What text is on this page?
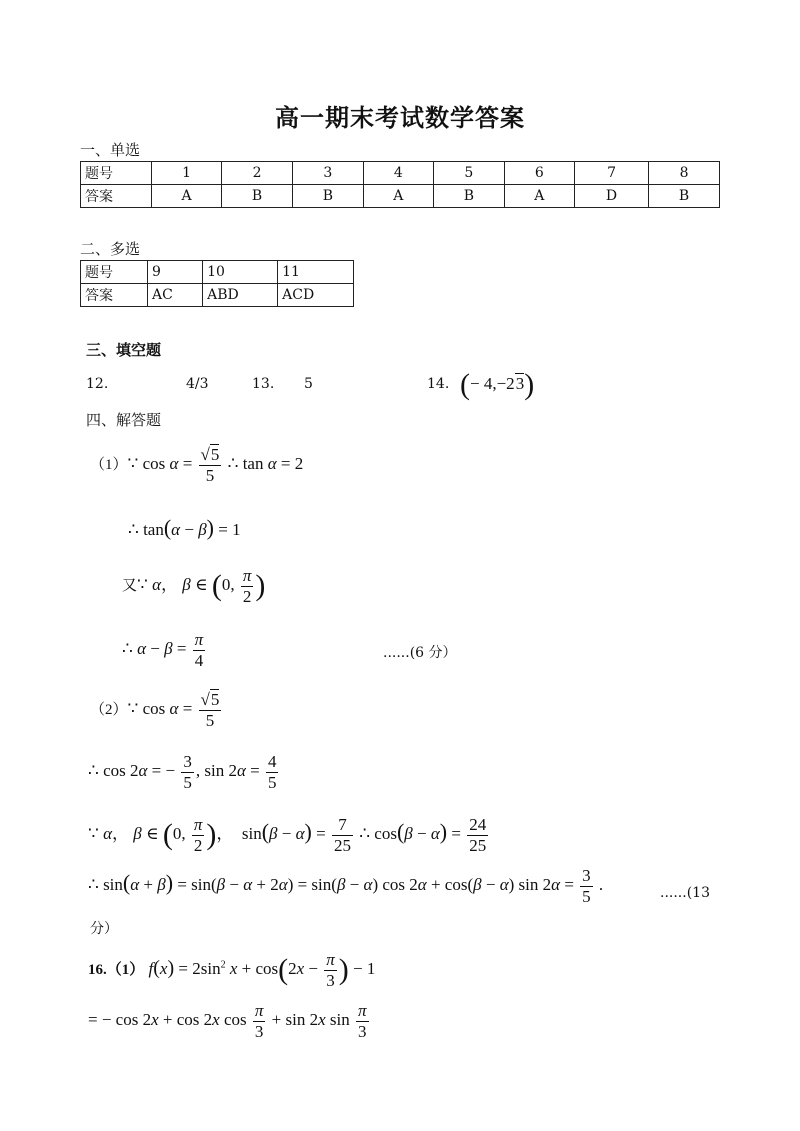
高一期末考试数学答案
一、单选
题号	1	2	3	4	5	6	7	8
答案	A	B	B	A	B	A	D	B
二、多选
题号	9	10	11
答案	AC	ABD	ACD
三、填空题
12.	4/3	13. 5	14. (− 4,−23)
四、解答题
（1）∵ $\cos \alpha = \frac{√5}{5}$ ∴ tan α = 2
∴ tan(α − β) = 1
又∵ α， β ∈ (0, $\frac{\pi}{2}$ )
∴ $\alpha - \beta = \frac{\pi}{4}$	......(6 分）
（2）∵ $\cos \alpha = \frac{√5}{5}$
∴ cos 2α = − $\frac{3}{5}$ , $\sin 2\alpha = \frac{4}{5}$
∵ α， β ∈ (0, $\frac{\pi}{2}$ )，  $\sin(\beta - \alpha) = \frac{7}{25}$ ∴ $\cos(\beta - \alpha) = \frac{24}{25}$
∴ sin(α + β) = sin(β − α + 2α) = sin(β − α) cos 2α + cos(β − α) $\sin 2\alpha = \frac{3}{5}$ .	......(13
分）
16.（1） $f(x) = 2\sin^2$ $x + \cos(2x - \frac{\pi}{3}$ ) − 1
= − cos 2x + cos 2x $\cos \frac{\pi}{3} + \sin 2x$ $\sin \frac{\pi}{3}$
